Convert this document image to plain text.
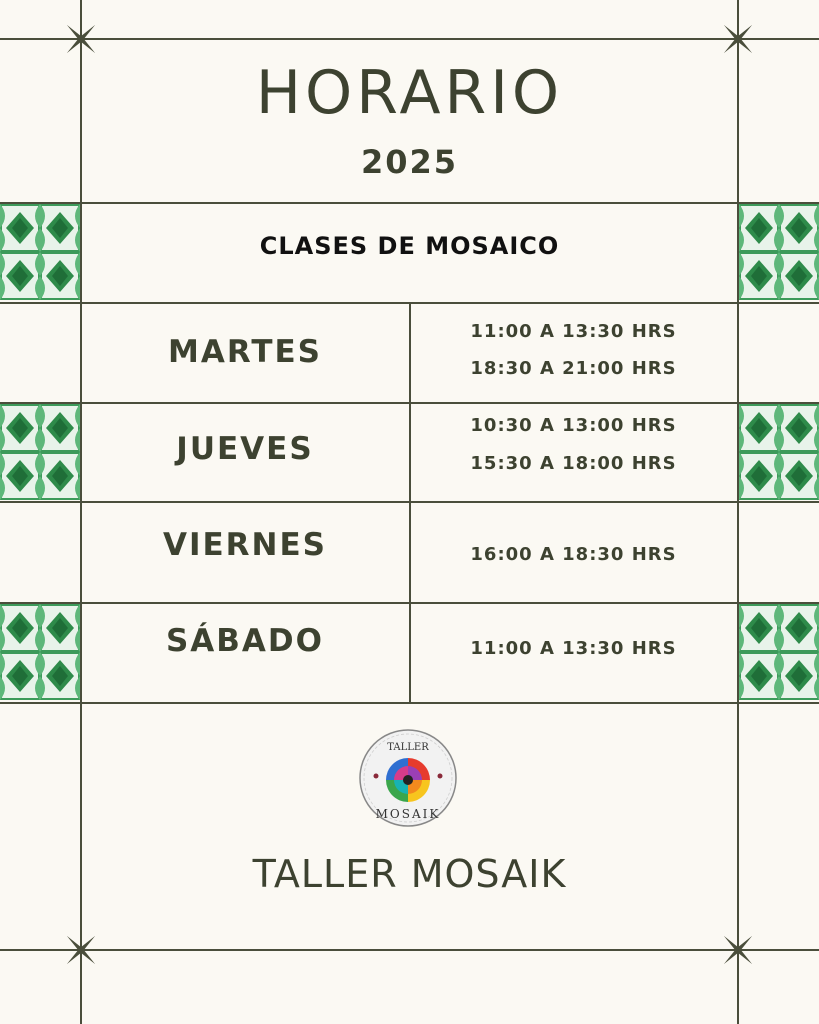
HORARIO
2025
CLASES DE MOSAICO
MARTES
11:00 A 13:30 HRS
18:30 A 21:00 HRS
JUEVES
10:30 A 13:00 HRS
15:30 A 18:00 HRS
VIERNES	16:00 A 18:30 HRS
SÁBADO	11:00 A 13:30 HRS
TALLER
MOSAIK
TALLER MOSAIK
